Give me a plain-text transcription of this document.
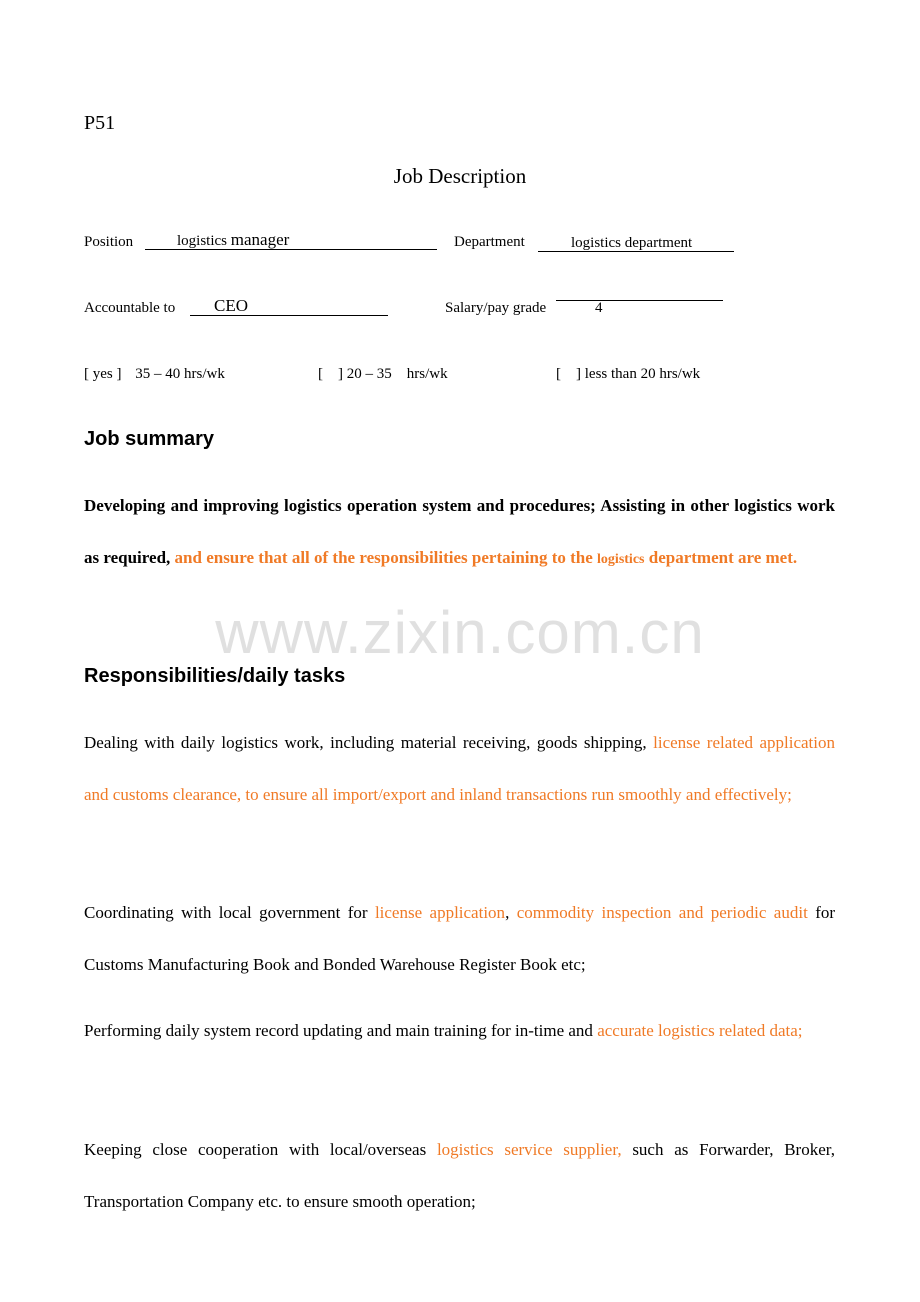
P51
Job Description
Position	logistics manager	Department	logistics department
Accountable to	CEO	Salary/pay grade	4
[ yes ] 35 – 40 hrs/wk	[    ] 20 – 35    hrs/wk	[    ] less than 20 hrs/wk
Job summary

Developing and improving logistics operation system and procedures; Assisting in other logistics work as required, and ensure that all of the responsibilities pertaining to the logistics department are met.

www.zixin.com.cn
Responsibilities/daily tasks

Dealing with daily logistics work, including material receiving, goods shipping, license related application and customs clearance, to ensure all import/export and inland transactions run smoothly and effectively;

Coordinating with local government for license application, commodity inspection and periodic audit for Customs Manufacturing Book and Bonded Warehouse Register Book etc;

Performing daily system record updating and main training for in-time and accurate logistics related data;

Keeping close cooperation with local/overseas logistics service supplier, such as Forwarder, Broker, Transportation Company etc. to ensure smooth operation;
